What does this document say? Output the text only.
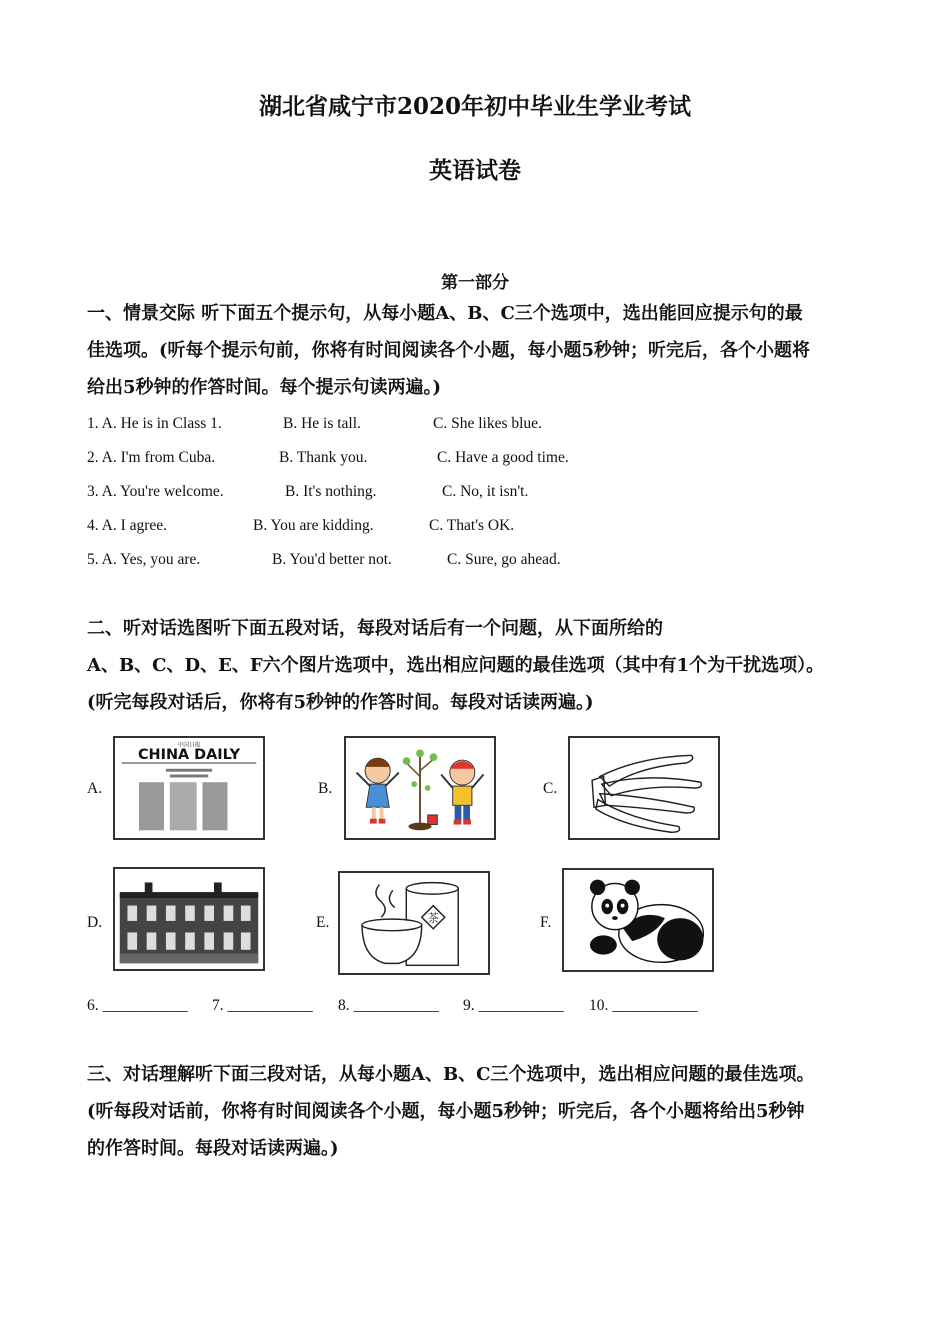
湖北省咸宁市2020年初中毕业生学业考试
英语试卷
第一部分
一、情景交际 听下面五个提示句，从每小题A、B、C三个选项中，选出能回应提示句的最
佳选项。(听每个提示句前，你将有时间阅读各个小题，每小题5秒钟；听完后，各个小题将
给出5秒钟的作答时间。每个提示句读两遍。)
1. A. He is in Class 1.	B. He is tall.	C. She likes blue.
2. A. I'm from Cuba.	B. Thank you.	C. Have a good time.
3. A. You're welcome.	B. It's nothing.	C. No, it isn't.
4. A. I agree.	B. You are kidding.	C. That's OK.
5. A. Yes, you are.	B. You'd better not.	C. Sure, go ahead.
二、听对话选图听下面五段对话，每段对话后有一个问题，从下面所给的
A、B、C、D、E、F六个图片选项中，选出相应问题的最佳选项（其中有1个为干扰选项）。
(听完每段对话后，你将有5秒钟的作答时间。每段对话读两遍。)
A.
中国日报
CHINA DAILY
B.	C.
D.	E.	茶	F.
6. ___________ 7. ___________ 8. ___________ 9. ___________ 10. ___________
三、对话理解听下面三段对话，从每小题A、B、C三个选项中，选出相应问题的最佳选项。
(听每段对话前，你将有时间阅读各个小题，每小题5秒钟；听完后，各个小题将给出5秒钟
的作答时间。每段对话读两遍。)
